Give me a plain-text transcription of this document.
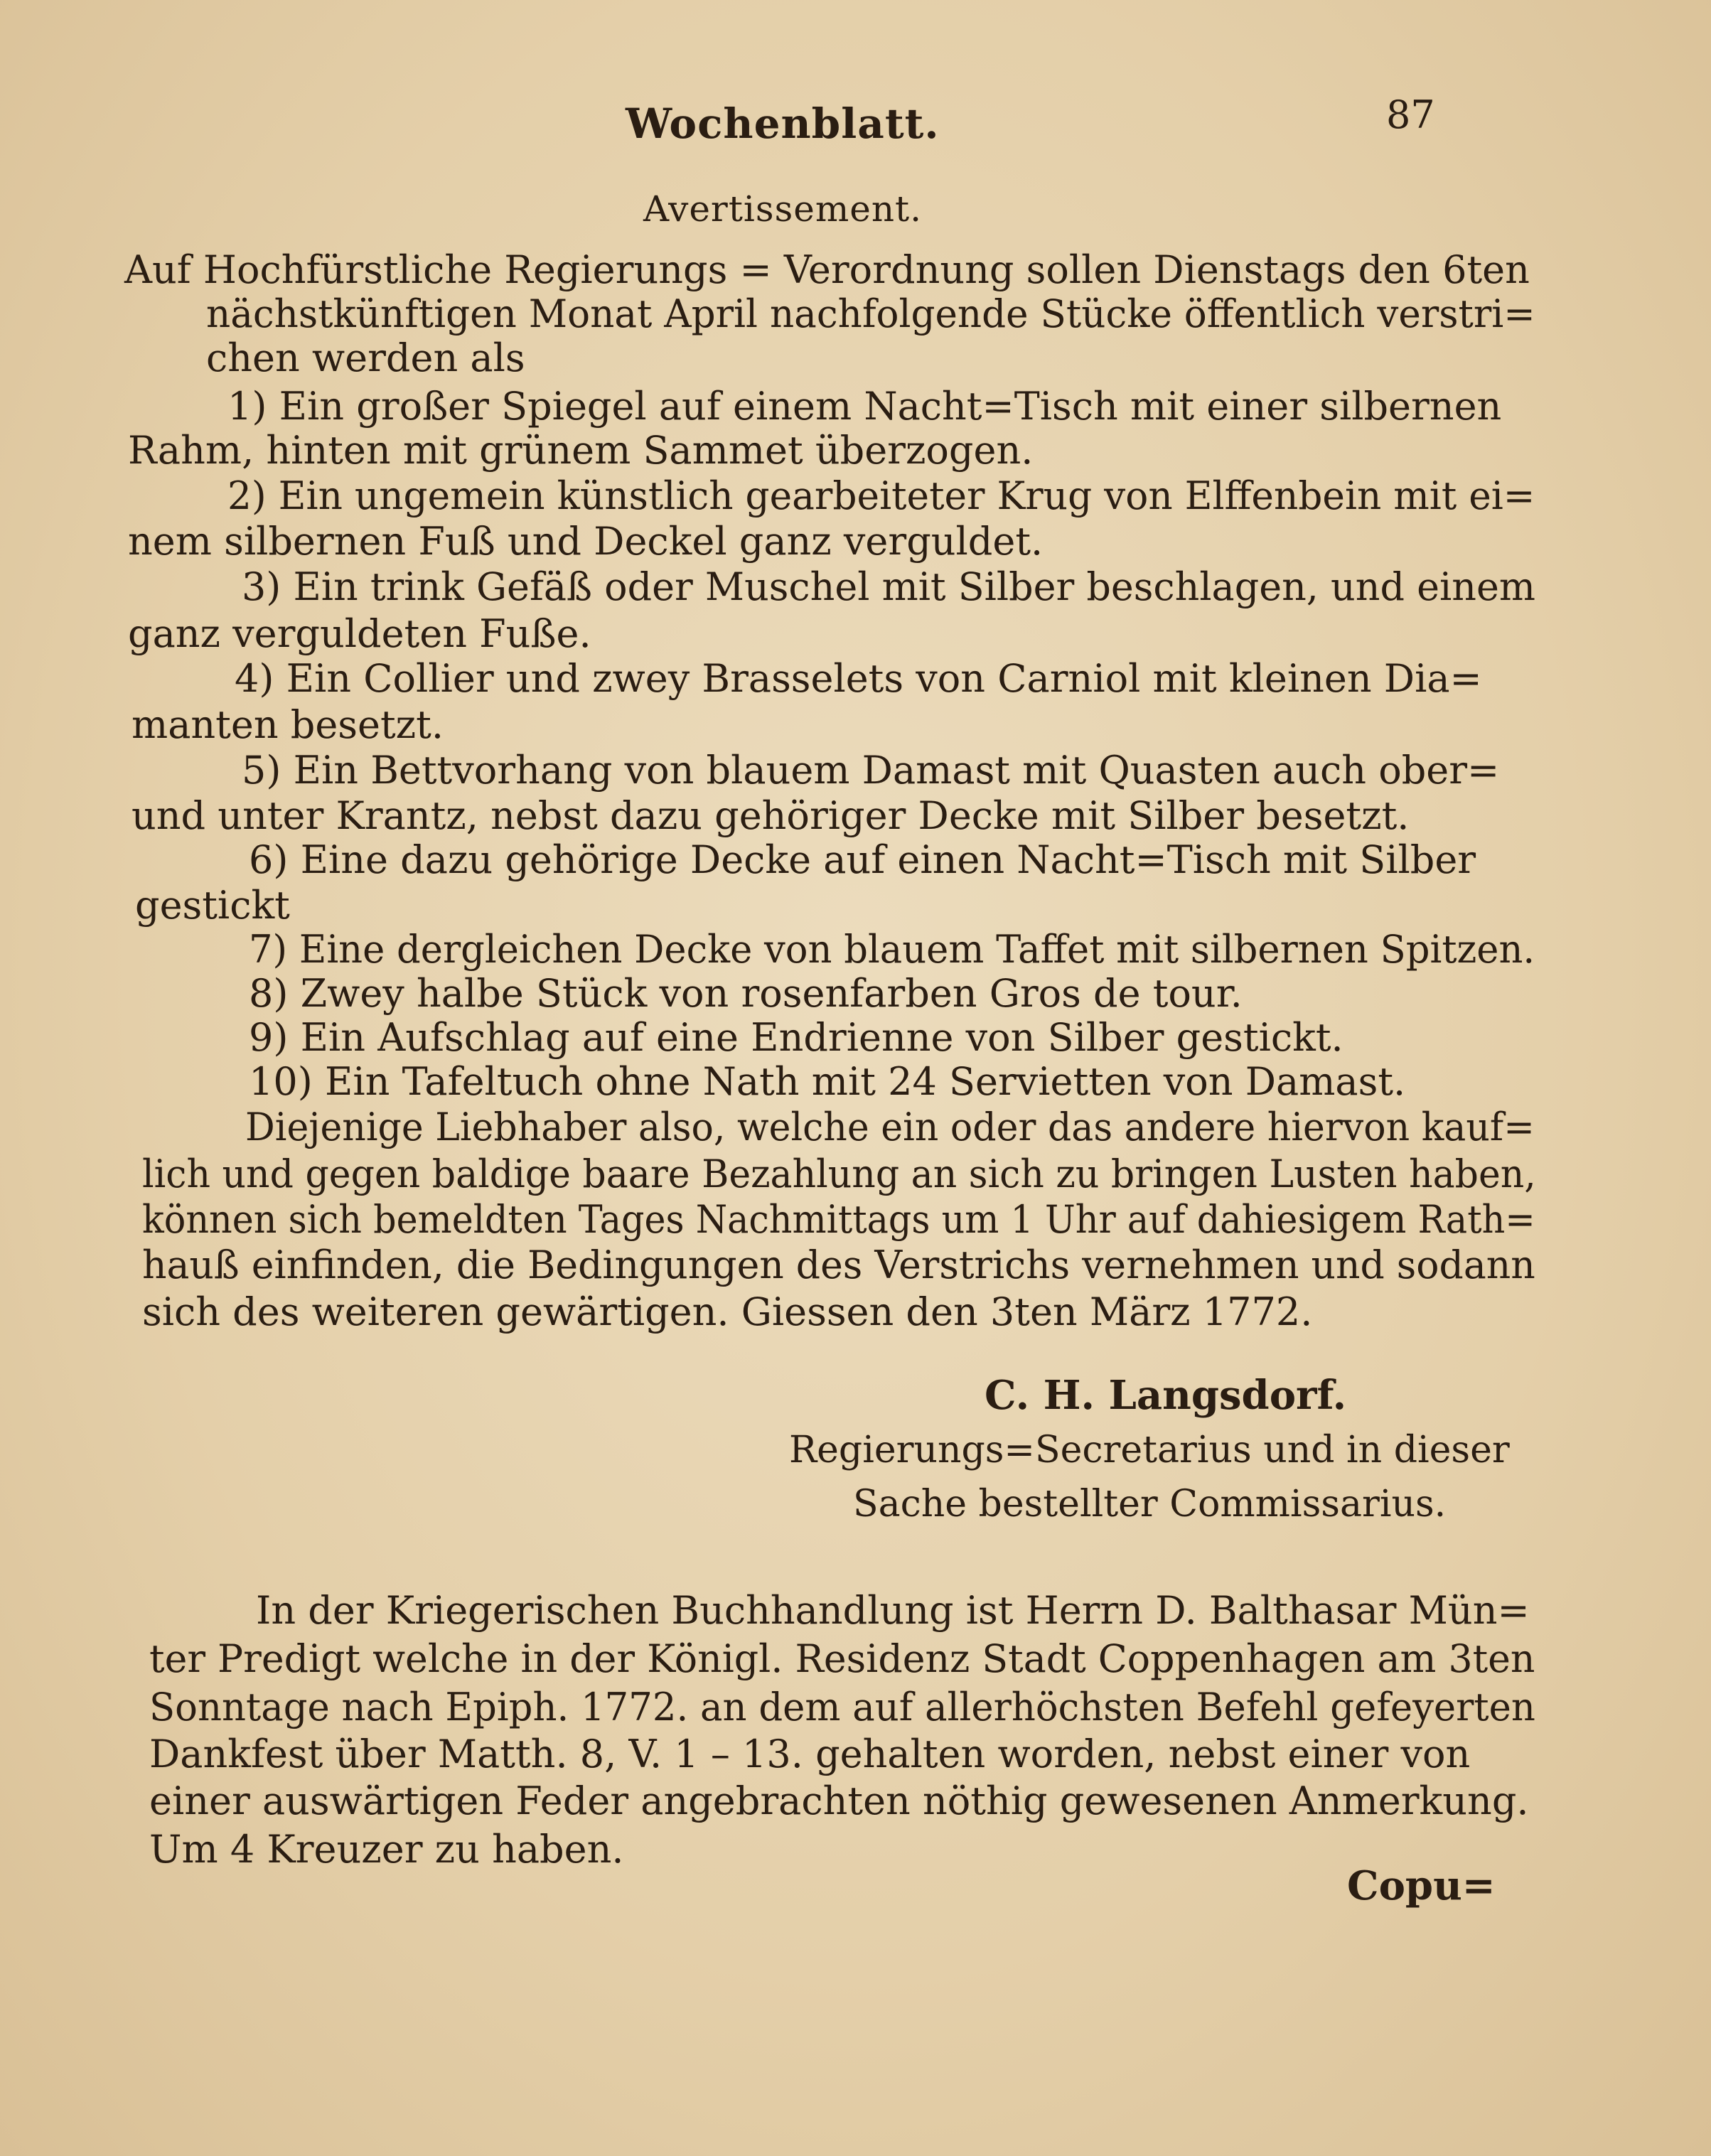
Wochenblatt.	87
Avertissement.
Auf Hochfürstliche Regierungs = Verordnung sollen Dienstags den 6ten
nächstkünftigen Monat April nachfolgende Stücke öffentlich verstri=
chen werden als
1) Ein großer Spiegel auf einem Nacht=Tisch mit einer silbernen
Rahm, hinten mit grünem Sammet überzogen.
2) Ein ungemein künstlich gearbeiteter Krug von Elffenbein mit ei=
nem silbernen Fuß und Deckel ganz verguldet.
3) Ein trink Gefäß oder Muschel mit Silber beschlagen, und einem
ganz verguldeten Fuße.
4) Ein Collier und zwey Brasselets von Carniol mit kleinen Dia=
manten besetzt.
5) Ein Bettvorhang von blauem Damast mit Quasten auch ober=
und unter Krantz, nebst dazu gehöriger Decke mit Silber besetzt.
6) Eine dazu gehörige Decke auf einen Nacht=Tisch mit Silber
gestickt
7) Eine dergleichen Decke von blauem Taffet mit silbernen Spitzen.
8) Zwey halbe Stück von rosenfarben Gros de tour.
9) Ein Aufschlag auf eine Endrienne von Silber gestickt.
10) Ein Tafeltuch ohne Nath mit 24 Servietten von Damast.
Diejenige Liebhaber also, welche ein oder das andere hiervon kauf=
lich und gegen baldige baare Bezahlung an sich zu bringen Lusten haben,
können sich bemeldten Tages Nachmittags um 1 Uhr auf dahiesigem Rath=
hauß einfinden, die Bedingungen des Verstrichs vernehmen und sodann
sich des weiteren gewärtigen. Giessen den 3ten März 1772.
C. H. Langsdorf.
Regierungs=Secretarius und in dieser
Sache bestellter Commissarius.
In der Kriegerischen Buchhandlung ist Herrn D. Balthasar Mün=
ter Predigt welche in der Königl. Residenz Stadt Coppenhagen am 3ten
Sonntage nach Epiph. 1772. an dem auf allerhöchsten Befehl gefeyerten
Dankfest über Matth. 8, V. 1 – 13. gehalten worden, nebst einer von
einer auswärtigen Feder angebrachten nöthig gewesenen Anmerkung.
Um 4 Kreuzer zu haben.
Copu=
